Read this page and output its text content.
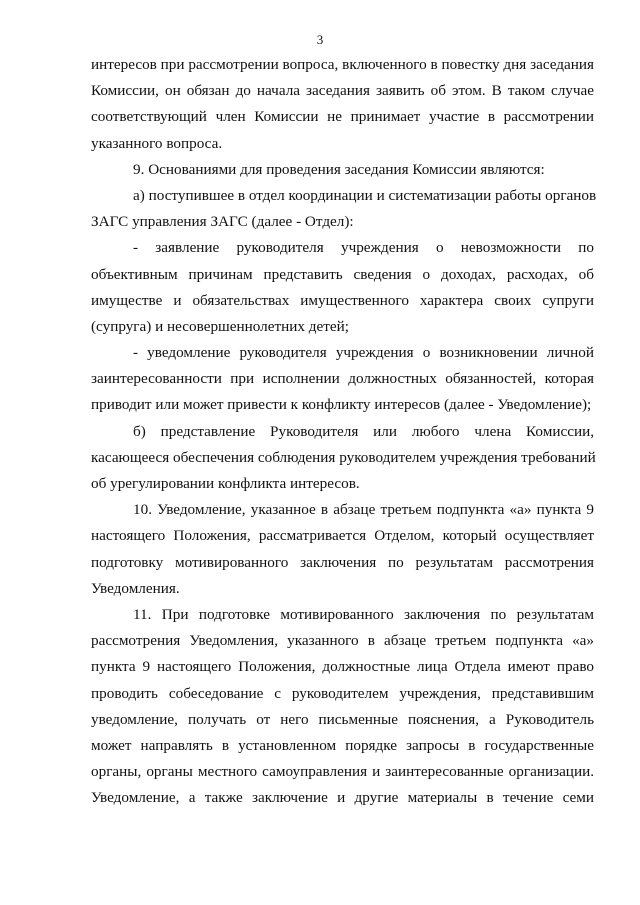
3
интересов при рассмотрении вопроса, включенного в повестку дня заседания
Комиссии, он обязан до начала заседания заявить об этом. В таком случае
соответствующий член Комиссии не принимает участие в рассмотрении
указанного вопроса.
9. Основаниями для проведения заседания Комиссии являются:
а) поступившее в отдел координации и систематизации работы органов
ЗАГС управления ЗАГС (далее - Отдел):
- заявление руководителя учреждения о невозможности по
объективным причинам представить сведения о доходах, расходах, об
имуществе и обязательствах имущественного характера своих супруги
(супруга) и несовершеннолетних детей;
- уведомление руководителя учреждения о возникновении личной
заинтересованности при исполнении должностных обязанностей, которая
приводит или может привести к конфликту интересов (далее - Уведомление);
б) представление Руководителя или любого члена Комиссии,
касающееся обеспечения соблюдения руководителем учреждения требований
об урегулировании конфликта интересов.
10. Уведомление, указанное в абзаце третьем подпункта «а» пункта 9
настоящего Положения, рассматривается Отделом, который осуществляет
подготовку мотивированного заключения по результатам рассмотрения
Уведомления.
11. При подготовке мотивированного заключения по результатам
рассмотрения Уведомления, указанного в абзаце третьем подпункта «а»
пункта 9 настоящего Положения, должностные лица Отдела имеют право
проводить собеседование с руководителем учреждения, представившим
уведомление, получать от него письменные пояснения, а Руководитель
может направлять в установленном порядке запросы в государственные
органы, органы местного самоуправления и заинтересованные организации.
Уведомление, а также заключение и другие материалы в течение семи
